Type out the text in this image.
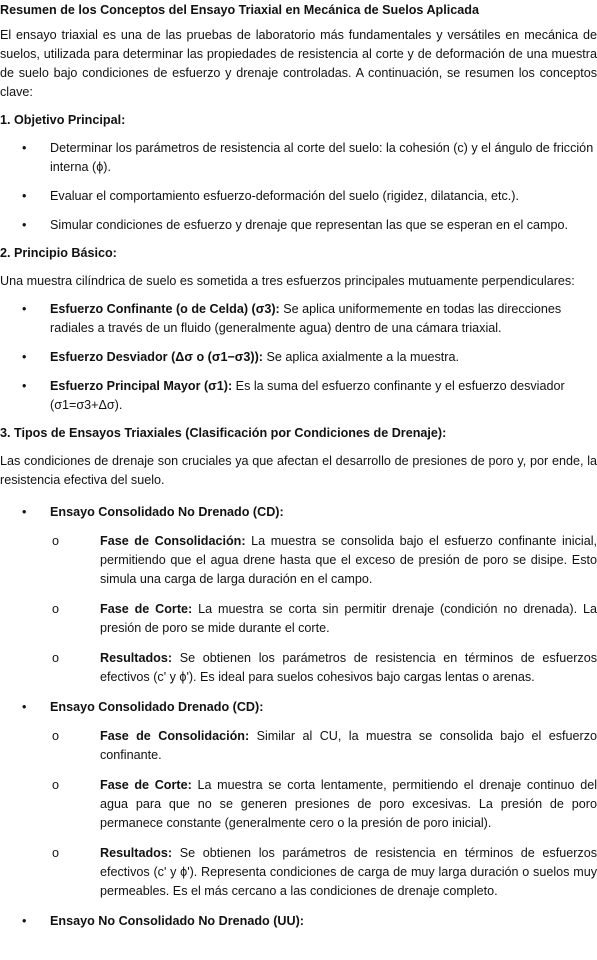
Resumen de los Conceptos del Ensayo Triaxial en Mecánica de Suelos Aplicada

El ensayo triaxial es una de las pruebas de laboratorio más fundamentales y versátiles en mecánica de suelos, utilizada para determinar las propiedades de resistencia al corte y de deformación de una muestra de suelo bajo condiciones de esfuerzo y drenaje controladas. A continuación, se resumen los conceptos clave:

1. Objetivo Principal:
• Determinar los parámetros de resistencia al corte del suelo: la cohesión (c) y el ángulo de fricción interna (ϕ).
• Evaluar el comportamiento esfuerzo-deformación del suelo (rigidez, dilatancia, etc.).
• Simular condiciones de esfuerzo y drenaje que representan las que se esperan en el campo.
2. Principio Básico:

Una muestra cilíndrica de suelo es sometida a tres esfuerzos principales mutuamente perpendiculares:

• Esfuerzo Confinante (o de Celda) (σ3): Se aplica uniformemente en todas las direcciones radiales a través de un fluido (generalmente agua) dentro de una cámara triaxial.
• Esfuerzo Desviador (Δσ o (σ1−σ3)): Se aplica axialmente a la muestra.
• Esfuerzo Principal Mayor (σ1): Es la suma del esfuerzo confinante y el esfuerzo desviador (σ1=σ3+Δσ).
3. Tipos de Ensayos Triaxiales (Clasificación por Condiciones de Drenaje):

Las condiciones de drenaje son cruciales ya que afectan el desarrollo de presiones de poro y, por ende, la resistencia efectiva del suelo.

• Ensayo Consolidado No Drenado (CD):
o	Fase de Consolidación: La muestra se consolida bajo el esfuerzo confinante inicial, permitiendo que el agua drene hasta que el exceso de presión de poro se disipe. Esto simula una carga de larga duración en el campo.
o	Fase de Corte: La muestra se corta sin permitir drenaje (condición no drenada). La presión de poro se mide durante el corte.
o	Resultados: Se obtienen los parámetros de resistencia en términos de esfuerzos efectivos (c' y ϕ'). Es ideal para suelos cohesivos bajo cargas lentas o arenas.
• Ensayo Consolidado Drenado (CD):
o	Fase de Consolidación: Similar al CU, la muestra se consolida bajo el esfuerzo confinante.
o	Fase de Corte: La muestra se corta lentamente, permitiendo el drenaje continuo del agua para que no se generen presiones de poro excesivas. La presión de poro permanece constante (generalmente cero o la presión de poro inicial).
o	Resultados: Se obtienen los parámetros de resistencia en términos de esfuerzos efectivos (c' y ϕ'). Representa condiciones de carga de muy larga duración o suelos muy permeables. Es el más cercano a las condiciones de drenaje completo.
• Ensayo No Consolidado No Drenado (UU):
